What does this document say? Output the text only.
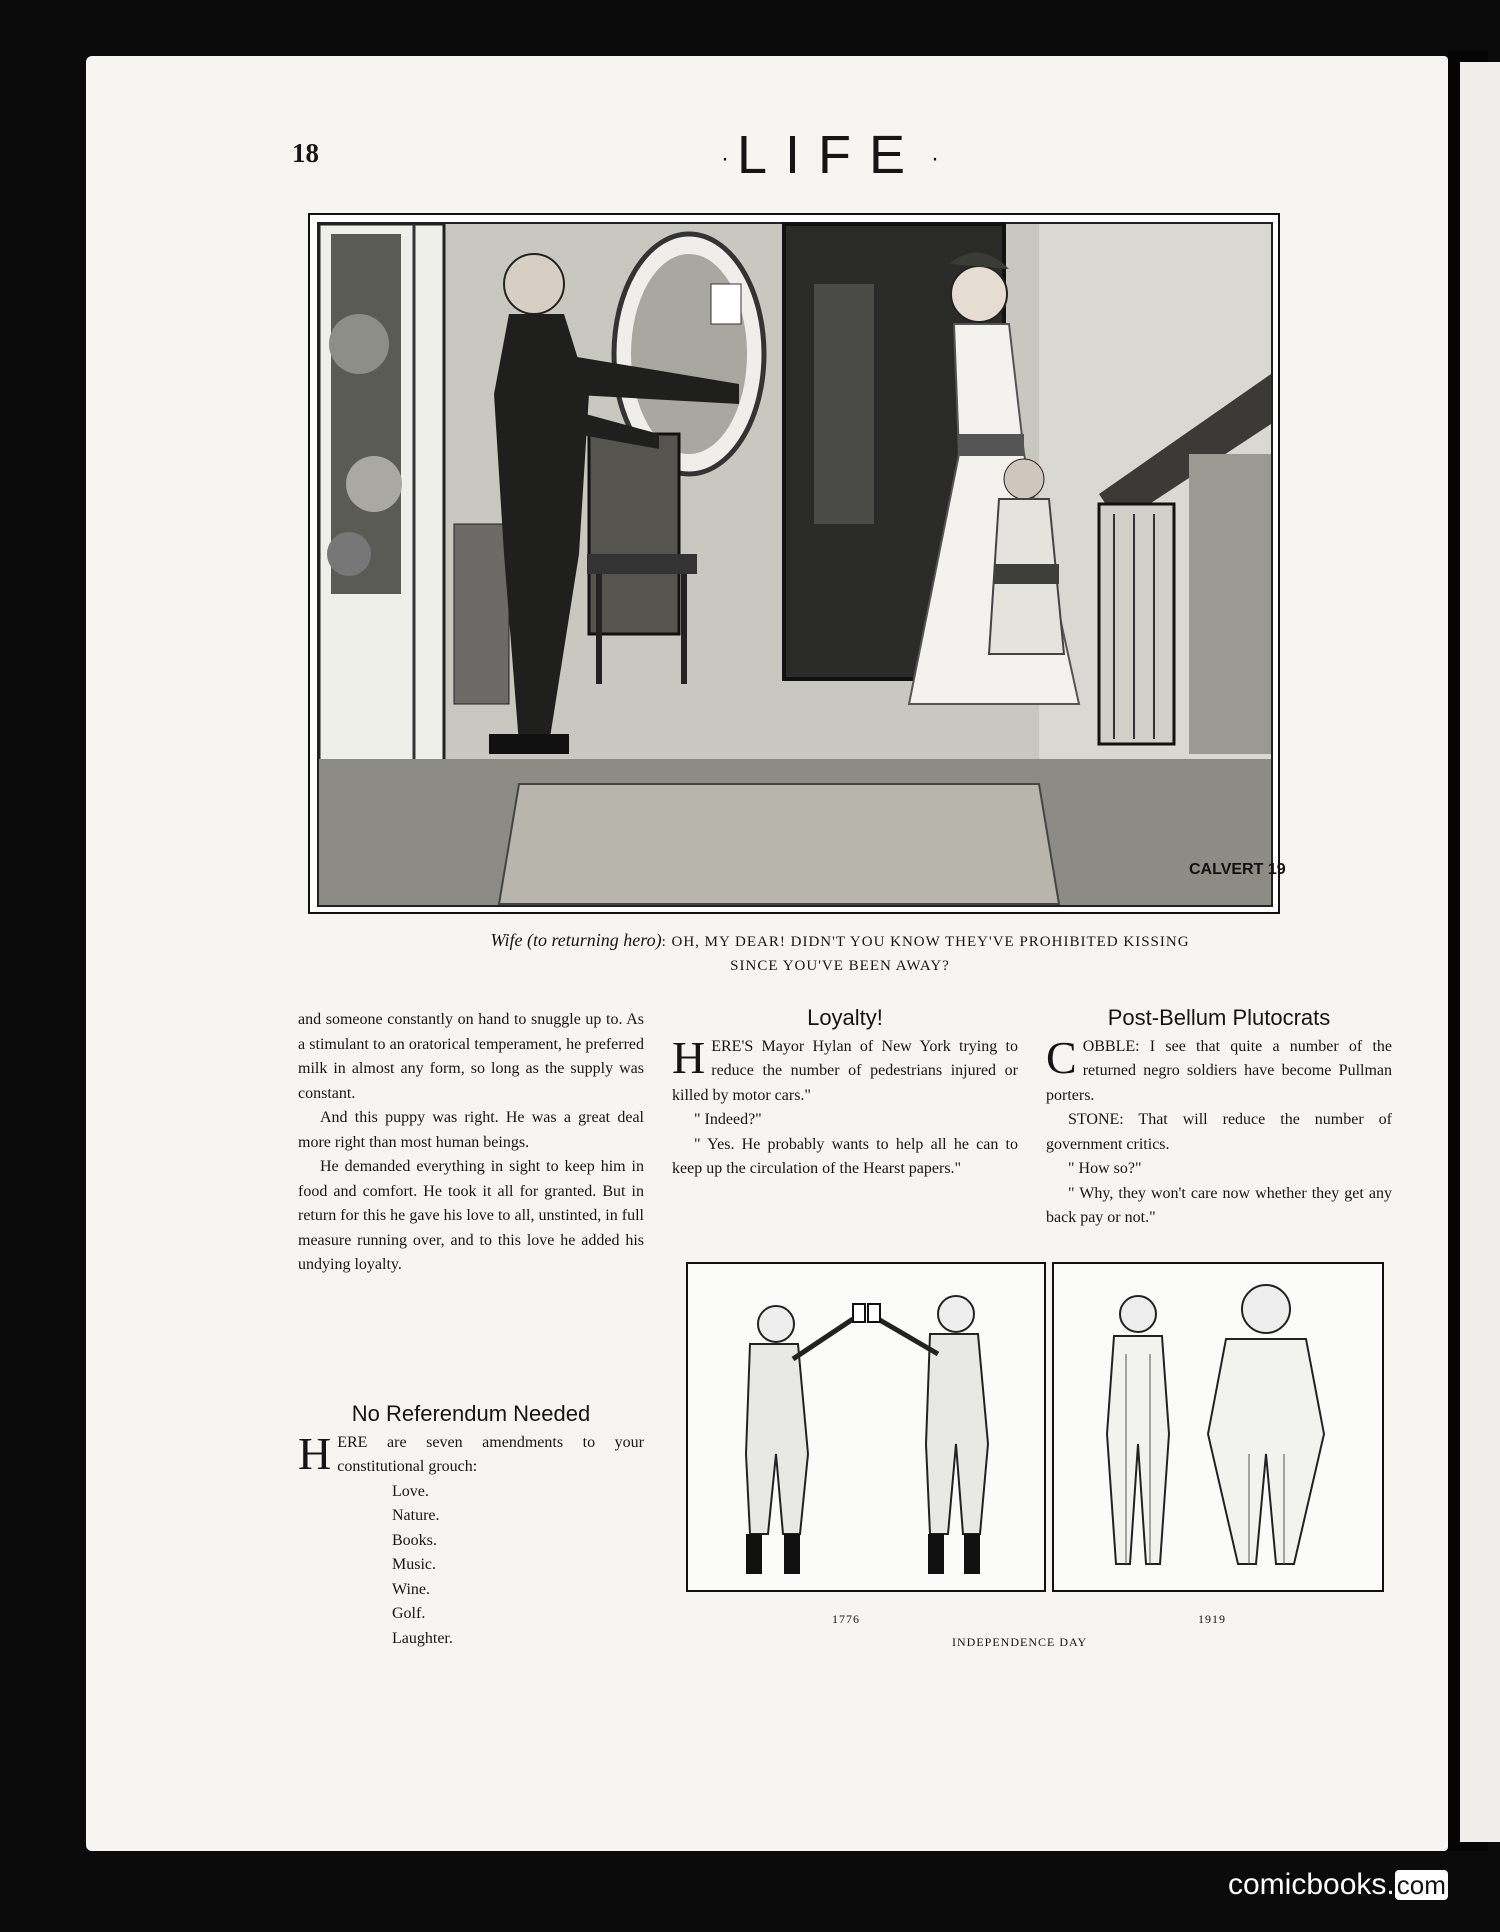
18	· LIFE ·
CALVERT 19
Wife (to returning hero): OH, MY DEAR! DIDN'T YOU KNOW THEY'VE PROHIBITED KISSING
SINCE YOU'VE BEEN AWAY?

and someone constantly on hand to snuggle up to. As a stimulant to an oratorical temperament, he preferred milk in almost any form, so long as the supply was constant.

And this puppy was right. He was a great deal more right than most human beings.

He demanded everything in sight to keep him in food and comfort. He took it all for granted. But in return for this he gave his love to all, unstinted, in full measure running over, and to this love he added his undying loyalty.

No Referendum Needed

HERE are seven amendments to your constitutional grouch:

Love.
Nature.
Books.
Music.
Wine.
Golf.
Laughter.
Loyalty!

HERE'S Mayor Hylan of New York trying to reduce the number of pedestrians injured or killed by motor cars."

" Indeed?"

" Yes. He probably wants to help all he can to keep up the circulation of the Hearst papers."

Post-Bellum Plutocrats

COBBLE: I see that quite a number of the returned negro soldiers have become Pullman porters.

STONE: That will reduce the number of government critics.

" How so?"

" Why, they won't care now whether they get any back pay or not."

1776	1919
INDEPENDENCE DAY
comicbooks.com
